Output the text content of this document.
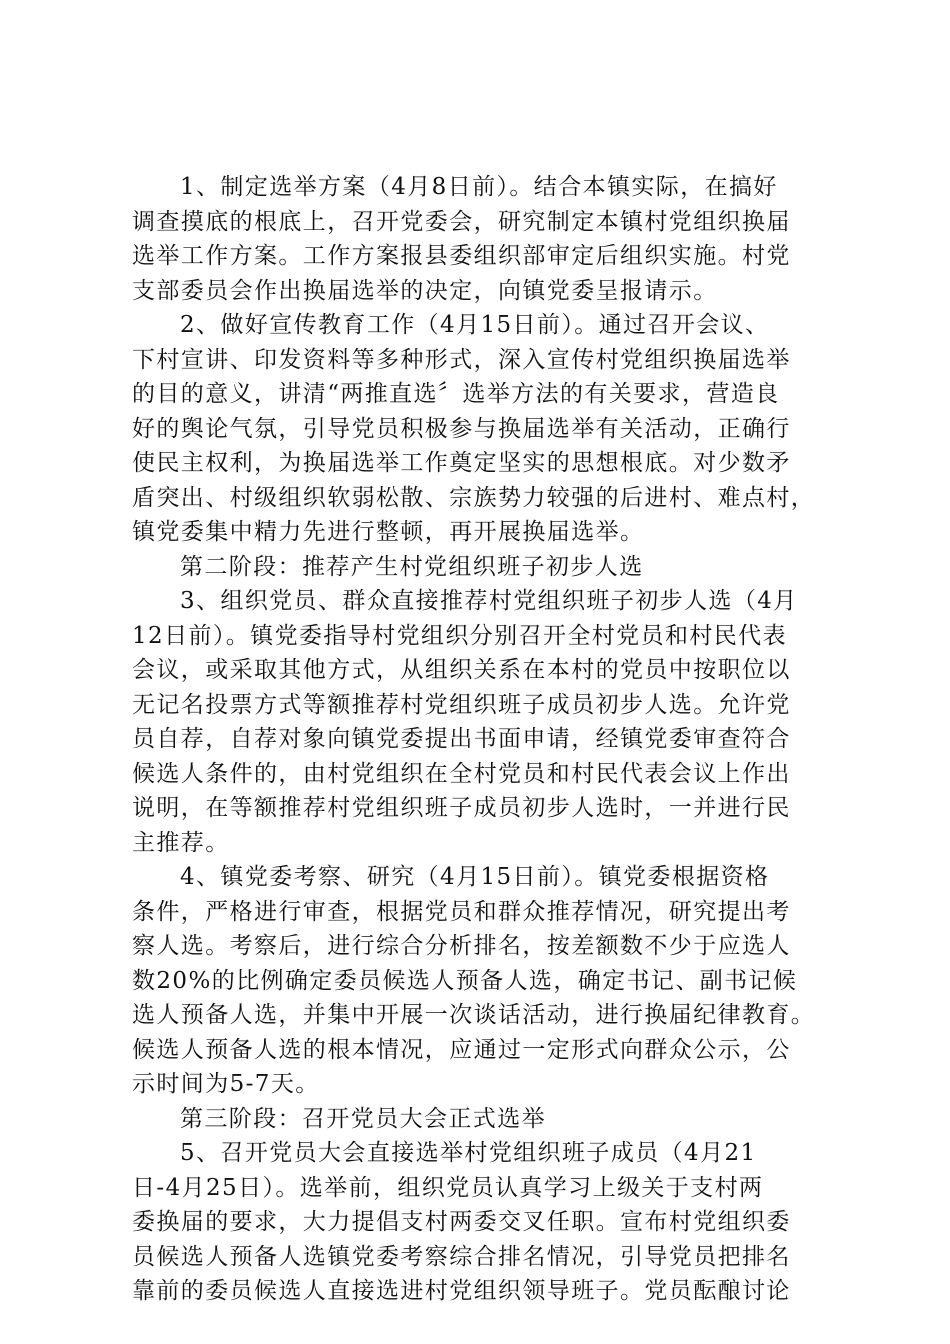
1、制定选举方案（4月8日前）。结合本镇实际，在搞好
调查摸底的根底上，召开党委会，研究制定本镇村党组织换届
选举工作方案。工作方案报县委组织部审定后组织实施。村党
支部委员会作出换届选举的决定，向镇党委呈报请示。
2、做好宣传教育工作（4月15日前）。通过召开会议、
下村宣讲、印发资料等多种形式，深入宣传村党组织换届选举
的目的意义，讲清“两推直选〞选举方法的有关要求，营造良
好的舆论气氛，引导党员积极参与换届选举有关活动，正确行
使民主权利，为换届选举工作奠定坚实的思想根底。对少数矛
盾突出、村级组织软弱松散、宗族势力较强的后进村、难点村，
镇党委集中精力先进行整顿，再开展换届选举。
第二阶段：推荐产生村党组织班子初步人选
3、组织党员、群众直接推荐村党组织班子初步人选（4月
12日前）。镇党委指导村党组织分别召开全村党员和村民代表
会议，或采取其他方式，从组织关系在本村的党员中按职位以
无记名投票方式等额推荐村党组织班子成员初步人选。允许党
员自荐，自荐对象向镇党委提出书面申请，经镇党委审查符合
候选人条件的，由村党组织在全村党员和村民代表会议上作出
说明，在等额推荐村党组织班子成员初步人选时，一并进行民
主推荐。
4、镇党委考察、研究（4月15日前）。镇党委根据资格
条件，严格进行审查，根据党员和群众推荐情况，研究提出考
察人选。考察后，进行综合分析排名，按差额数不少于应选人
数20%的比例确定委员候选人预备人选，确定书记、副书记候
选人预备人选，并集中开展一次谈话活动，进行换届纪律教育。
候选人预备人选的根本情况，应通过一定形式向群众公示，公
示时间为5-7天。
第三阶段：召开党员大会正式选举
5、召开党员大会直接选举村党组织班子成员（4月21
日-4月25日）。选举前，组织党员认真学习上级关于支村两
委换届的要求，大力提倡支村两委交叉任职。宣布村党组织委
员候选人预备人选镇党委考察综合排名情况，引导党员把排名
靠前的委员候选人直接选进村党组织领导班子。党员酝酿讨论
